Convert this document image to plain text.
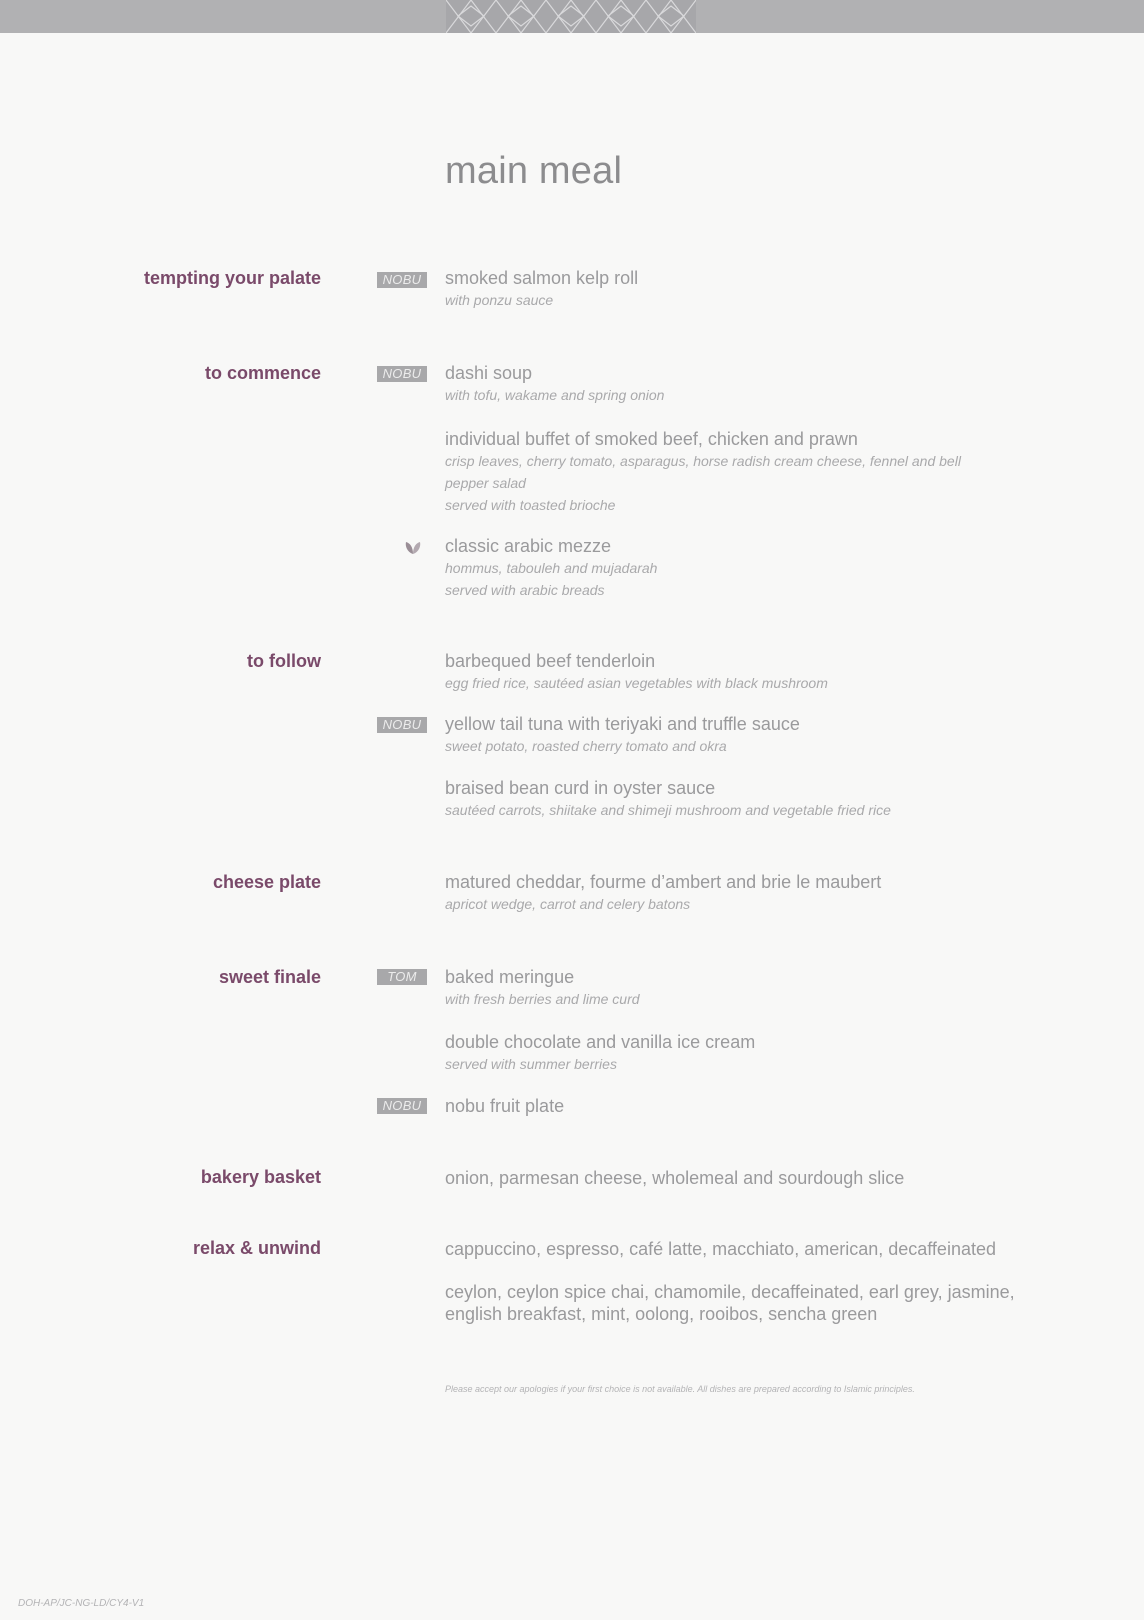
main meal
tempting your palate	NOBU	smoked salmon kelp roll
with ponzu sauce
to commence	NOBU	dashi soup
with tofu, wakame and spring onion
individual buffet of smoked beef, chicken and prawn
crisp leaves, cherry tomato, asparagus, horse radish cream cheese, fennel and bell
pepper salad
served with toasted brioche
classic arabic mezze
hommus, tabouleh and mujadarah
served with arabic breads
to follow	barbequed beef tenderloin
egg fried rice, sautéed asian vegetables with black mushroom
NOBU	yellow tail tuna with teriyaki and truffle sauce
sweet potato, roasted cherry tomato and okra
braised bean curd in oyster sauce
sautéed carrots, shiitake and shimeji mushroom and vegetable fried rice
cheese plate	matured cheddar, fourme d’ambert and brie le maubert
apricot wedge, carrot and celery batons
sweet finale	TOM	baked meringue
with fresh berries and lime curd
double chocolate and vanilla ice cream
served with summer berries
NOBU	nobu fruit plate
bakery basket	onion, parmesan cheese, wholemeal and sourdough slice
relax & unwind	cappuccino, espresso, café latte, macchiato, american, decaffeinated
ceylon, ceylon spice chai, chamomile, decaffeinated, earl grey, jasmine,
english breakfast, mint, oolong, rooibos, sencha green
Please accept our apologies if your first choice is not available. All dishes are prepared according to Islamic principles.
DOH-AP/JC-NG-LD/CY4-V1
